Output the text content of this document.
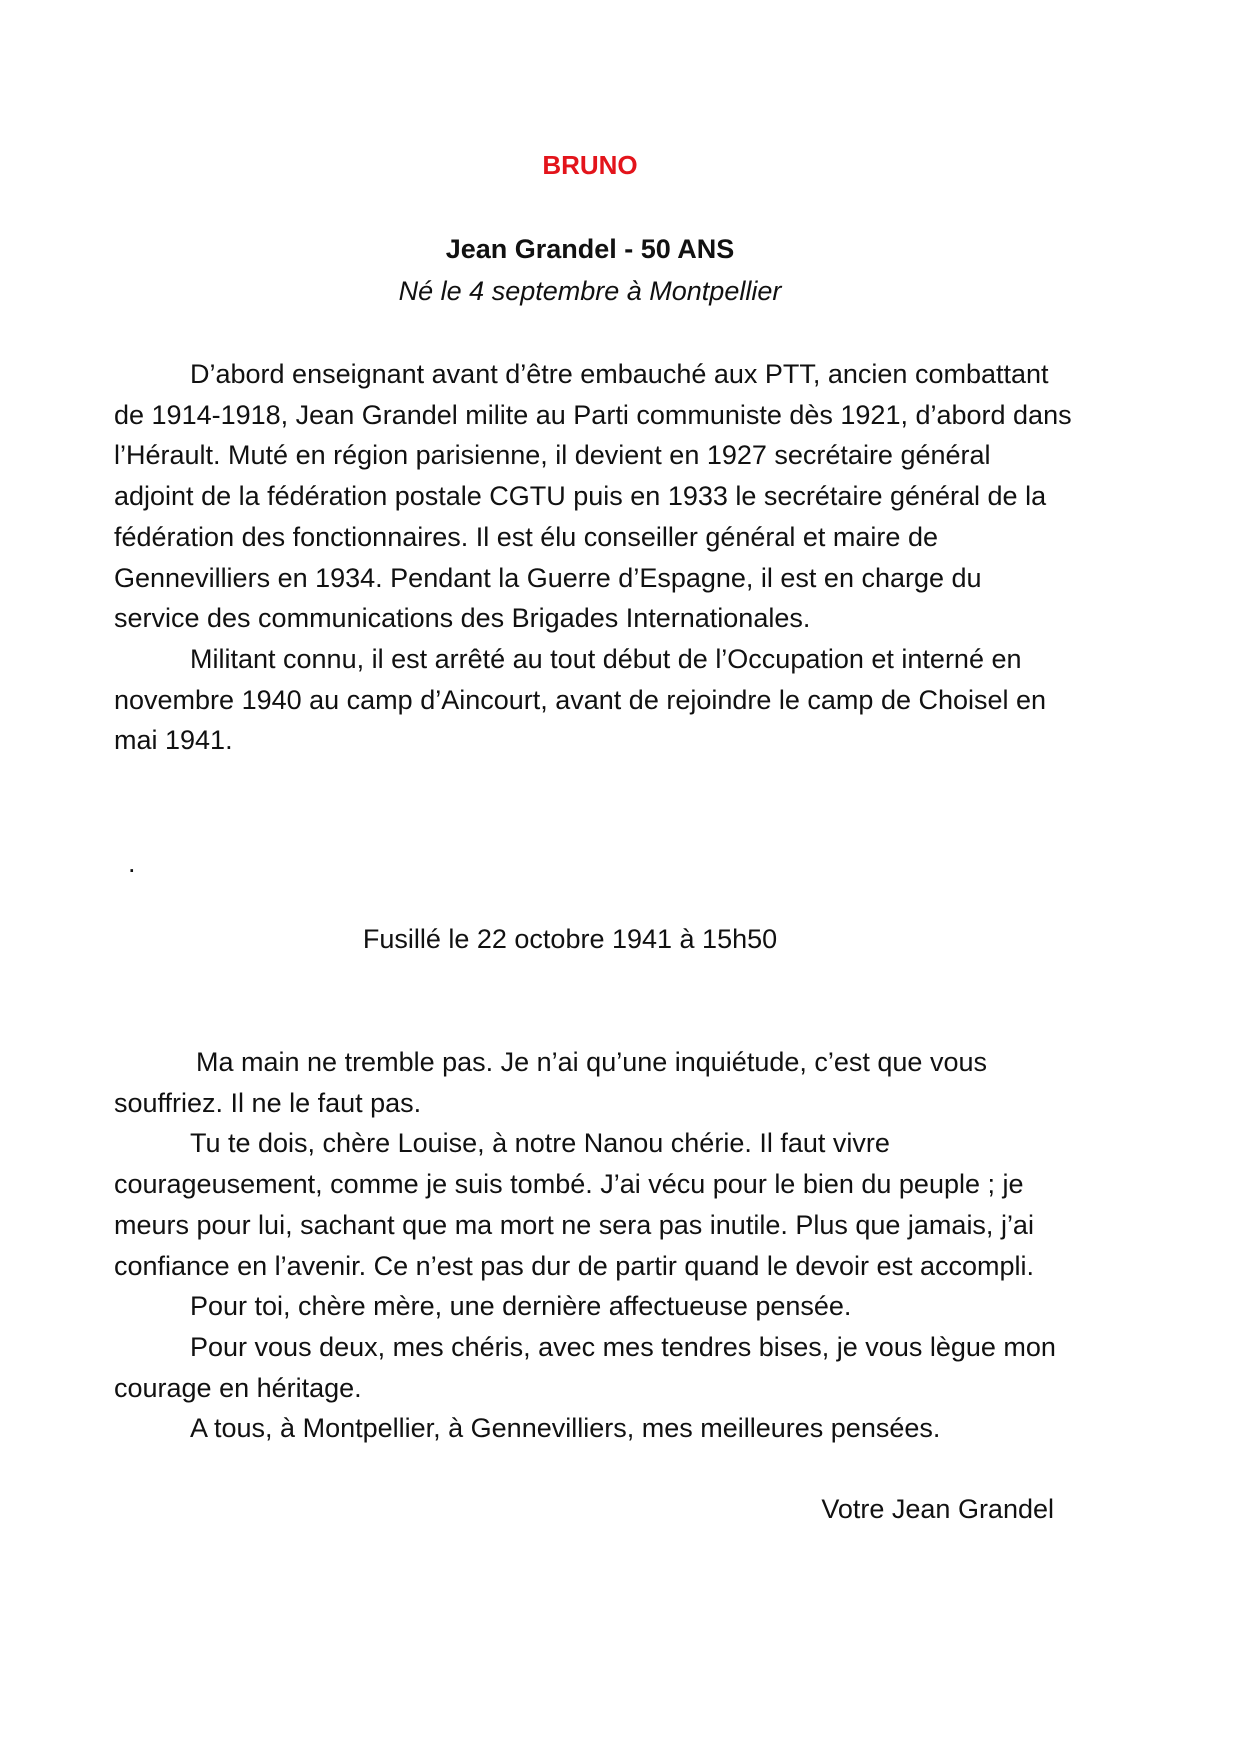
BRUNO
Jean Grandel - 50 ANS
Né le 4 septembre à Montpellier

D’abord enseignant avant d’être embauché aux PTT, ancien combattant de 1914-1918, Jean Grandel milite au Parti communiste dès 1921, d’abord dans l’Hérault. Muté en région parisienne, il devient en 1927 secrétaire général adjoint de la fédération postale CGTU puis en 1933 le secrétaire général de la fédération des fonctionnaires. Il est élu conseiller général et maire de Gennevilliers en 1934. Pendant la Guerre d’Espagne, il est en charge du service des communications des Brigades Internationales.

Militant connu, il est arrêté au tout début de l’Occupation et interné en novembre 1940 au camp d’Aincourt, avant de rejoindre le camp de Choisel en mai 1941.

.
Fusillé le 22 octobre 1941 à 15h50

Ma main ne tremble pas. Je n’ai qu’une inquiétude, c’est que vous souffriez. Il ne le faut pas.

Tu te dois, chère Louise, à notre Nanou chérie. Il faut vivre courageusement, comme je suis tombé. J’ai vécu pour le bien du peuple ; je meurs pour lui, sachant que ma mort ne sera pas inutile. Plus que jamais, j’ai confiance en l’avenir. Ce n’est pas dur de partir quand le devoir est accompli.

Pour toi, chère mère, une dernière affectueuse pensée.

Pour vous deux, mes chéris, avec mes tendres bises, je vous lègue mon courage en héritage.

A tous, à Montpellier, à Gennevilliers, mes meilleures pensées.

Votre Jean Grandel
